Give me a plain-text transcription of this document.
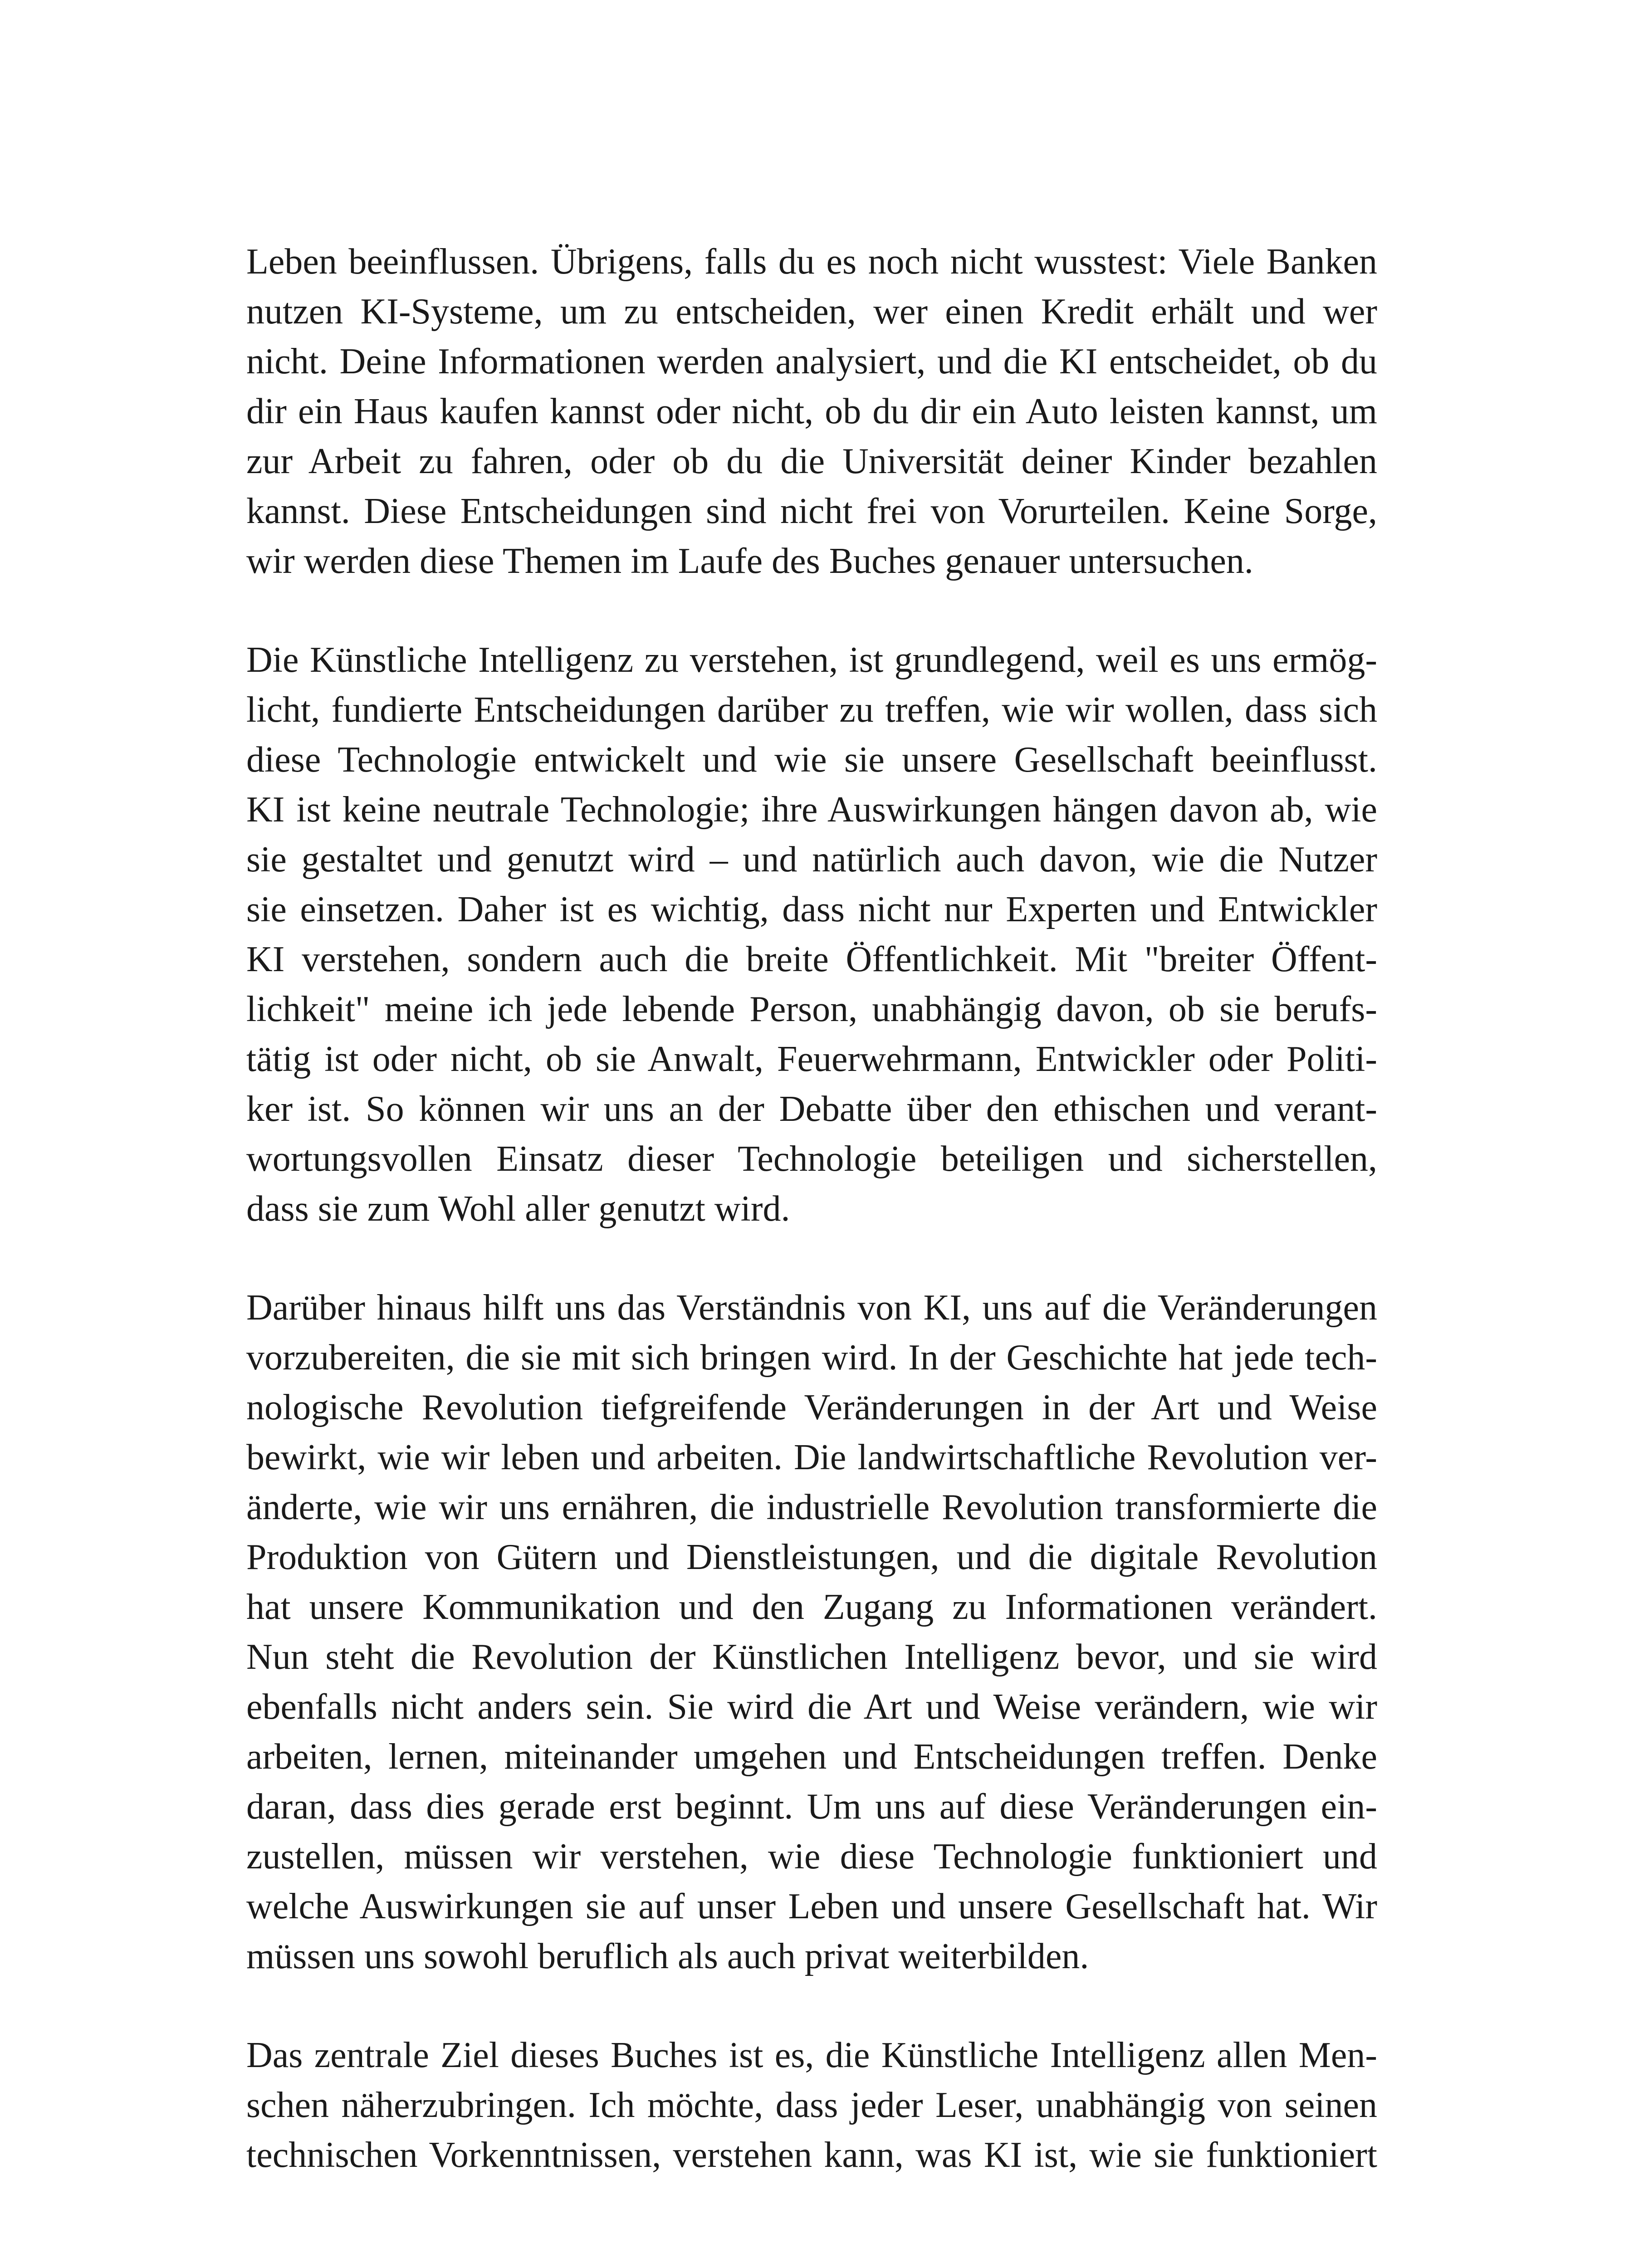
Leben beeinflussen. Übrigens, falls du es noch nicht wusstest: Viele Banken
nutzen KI-Systeme, um zu entscheiden, wer einen Kredit erhält und wer
nicht. Deine Informationen werden analysiert, und die KI entscheidet, ob du
dir ein Haus kaufen kannst oder nicht, ob du dir ein Auto leisten kannst, um
zur Arbeit zu fahren, oder ob du die Universität deiner Kinder bezahlen
kannst. Diese Entscheidungen sind nicht frei von Vorurteilen. Keine Sorge,
wir werden diese Themen im Laufe des Buches genauer untersuchen.
Die Künstliche Intelligenz zu verstehen, ist grundlegend, weil es uns ermög-
licht, fundierte Entscheidungen darüber zu treffen, wie wir wollen, dass sich
diese Technologie entwickelt und wie sie unsere Gesellschaft beeinflusst.
KI ist keine neutrale Technologie; ihre Auswirkungen hängen davon ab, wie
sie gestaltet und genutzt wird – und natürlich auch davon, wie die Nutzer
sie einsetzen. Daher ist es wichtig, dass nicht nur Experten und Entwickler
KI verstehen, sondern auch die breite Öffentlichkeit. Mit "breiter Öffent-
lichkeit" meine ich jede lebende Person, unabhängig davon, ob sie berufs-
tätig ist oder nicht, ob sie Anwalt, Feuerwehrmann, Entwickler oder Politi-
ker ist. So können wir uns an der Debatte über den ethischen und verant-
wortungsvollen Einsatz dieser Technologie beteiligen und sicherstellen,
dass sie zum Wohl aller genutzt wird.
Darüber hinaus hilft uns das Verständnis von KI, uns auf die Veränderungen
vorzubereiten, die sie mit sich bringen wird. In der Geschichte hat jede tech-
nologische Revolution tiefgreifende Veränderungen in der Art und Weise
bewirkt, wie wir leben und arbeiten. Die landwirtschaftliche Revolution ver-
änderte, wie wir uns ernähren, die industrielle Revolution transformierte die
Produktion von Gütern und Dienstleistungen, und die digitale Revolution
hat unsere Kommunikation und den Zugang zu Informationen verändert.
Nun steht die Revolution der Künstlichen Intelligenz bevor, und sie wird
ebenfalls nicht anders sein. Sie wird die Art und Weise verändern, wie wir
arbeiten, lernen, miteinander umgehen und Entscheidungen treffen. Denke
daran, dass dies gerade erst beginnt. Um uns auf diese Veränderungen ein-
zustellen, müssen wir verstehen, wie diese Technologie funktioniert und
welche Auswirkungen sie auf unser Leben und unsere Gesellschaft hat. Wir
müssen uns sowohl beruflich als auch privat weiterbilden.
Das zentrale Ziel dieses Buches ist es, die Künstliche Intelligenz allen Men-
schen näherzubringen. Ich möchte, dass jeder Leser, unabhängig von seinen
technischen Vorkenntnissen, verstehen kann, was KI ist, wie sie funktioniert
